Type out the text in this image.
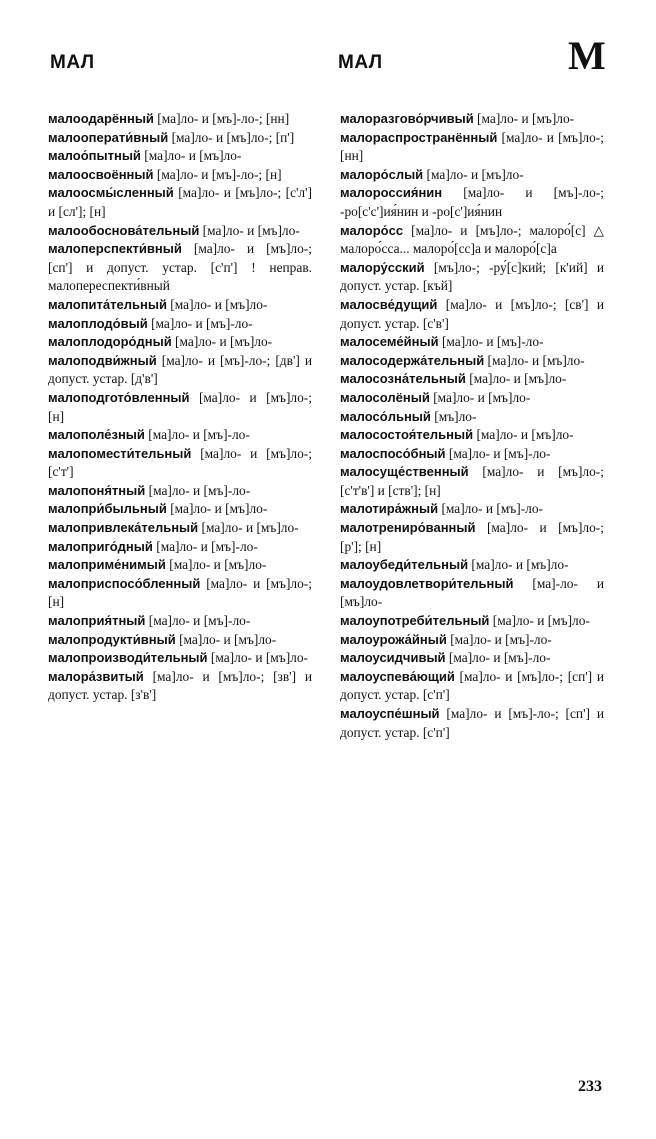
МАЛ	МАЛ	М
малоодарённый [ма]ло- и [мъ]-ло-; [нн]
малооперати́вный [ма]ло- и [мъ]ло-; [п']
малоо́пытный [ма]ло- и [мъ]ло-
малоосвоённый [ма]ло- и [мъ]-ло-; [н]
малоосмы́сленный [ма]ло- и [мъ]ло-; [с'л'] и [сл']; [н]
малообоснова́тельный [ма]ло- и [мъ]ло-
малоперспекти́вный [ма]ло- и [мъ]ло-; [сп'] и допуст. устар. [с'п'] ! неправ. малопереспекти́вный
малопита́тельный [ма]ло- и [мъ]ло-
малоплодо́вый [ма]ло- и [мъ]-ло-
малоплодоро́дный [ма]ло- и [мъ]ло-
малоподви́жный [ма]ло- и [мъ]-ло-; [дв'] и допуст. устар. [д'в']
малоподгото́вленный [ма]ло- и [мъ]ло-; [н]
малополе́зный [ма]ло- и [мъ]-ло-
малопомести́тельный [ма]ло- и [мъ]ло-; [с'т']
малопоня́тный [ма]ло- и [мъ]-ло-
малопри́быльный [ма]ло- и [мъ]ло-
малопривлека́тельный [ма]ло- и [мъ]ло-
малоприго́дный [ма]ло- и [мъ]-ло-
малоприме́нимый [ма]ло- и [мъ]ло-
малоприспосо́бленный [ма]ло- и [мъ]ло-; [н]
малоприя́тный [ма]ло- и [мъ]-ло-
малопродукти́вный [ма]ло- и [мъ]ло-
малопроизводи́тельный [ма]ло- и [мъ]ло-
малора́звитый [ма]ло- и [мъ]ло-; [зв'] и допуст. устар. [з'в']
малоразгово́рчивый [ма]ло- и [мъ]ло-
малораспространённый [ма]ло- и [мъ]ло-; [нн]
малоро́слый [ма]ло- и [мъ]ло-
малороссия́нин [ма]ло- и [мъ]-ло-; -ро[с'с']ия́нин и -ро[с']ия́нин
малоро́сс [ма]ло- и [мъ]ло-; малоро́[с] △ малоро́сса... малоро́[сс]а и малоро́[с]а
малору́сский [мъ]ло-; -ру́[с]кий; [к'ий] и допуст. устар. [къй]
малосве́дущий [ма]ло- и [мъ]ло-; [св'] и допуст. устар. [с'в']
малосеме́йный [ма]ло- и [мъ]-ло-
малосодержа́тельный [ма]ло- и [мъ]ло-
малосозна́тельный [ма]ло- и [мъ]ло-
малосолёный [ма]ло- и [мъ]ло-
малосо́льный [мъ]ло-
малосостоя́тельный [ма]ло- и [мъ]ло-
малоспосо́бный [ма]ло- и [мъ]-ло-
малосуще́ственный [ма]ло- и [мъ]ло-; [с'т'в'] и [ств']; [н]
малотира́жный [ма]ло- и [мъ]-ло-
малотрениро́ванный [ма]ло- и [мъ]ло-; [р']; [н]
малоубеди́тельный [ма]ло- и [мъ]ло-
малоудовлетвори́тельный [ма]-ло- и [мъ]ло-
малоупотреби́тельный [ма]ло- и [мъ]ло-
малоурожа́йный [ма]ло- и [мъ]-ло-
малоусидчивый [ма]ло- и [мъ]-ло-
малоуспева́ющий [ма]ло- и [мъ]ло-; [сп'] и допуст. устар. [с'п']
малоуспе́шный [ма]ло- и [мъ]-ло-; [сп'] и допуст. устар. [с'п']
233
